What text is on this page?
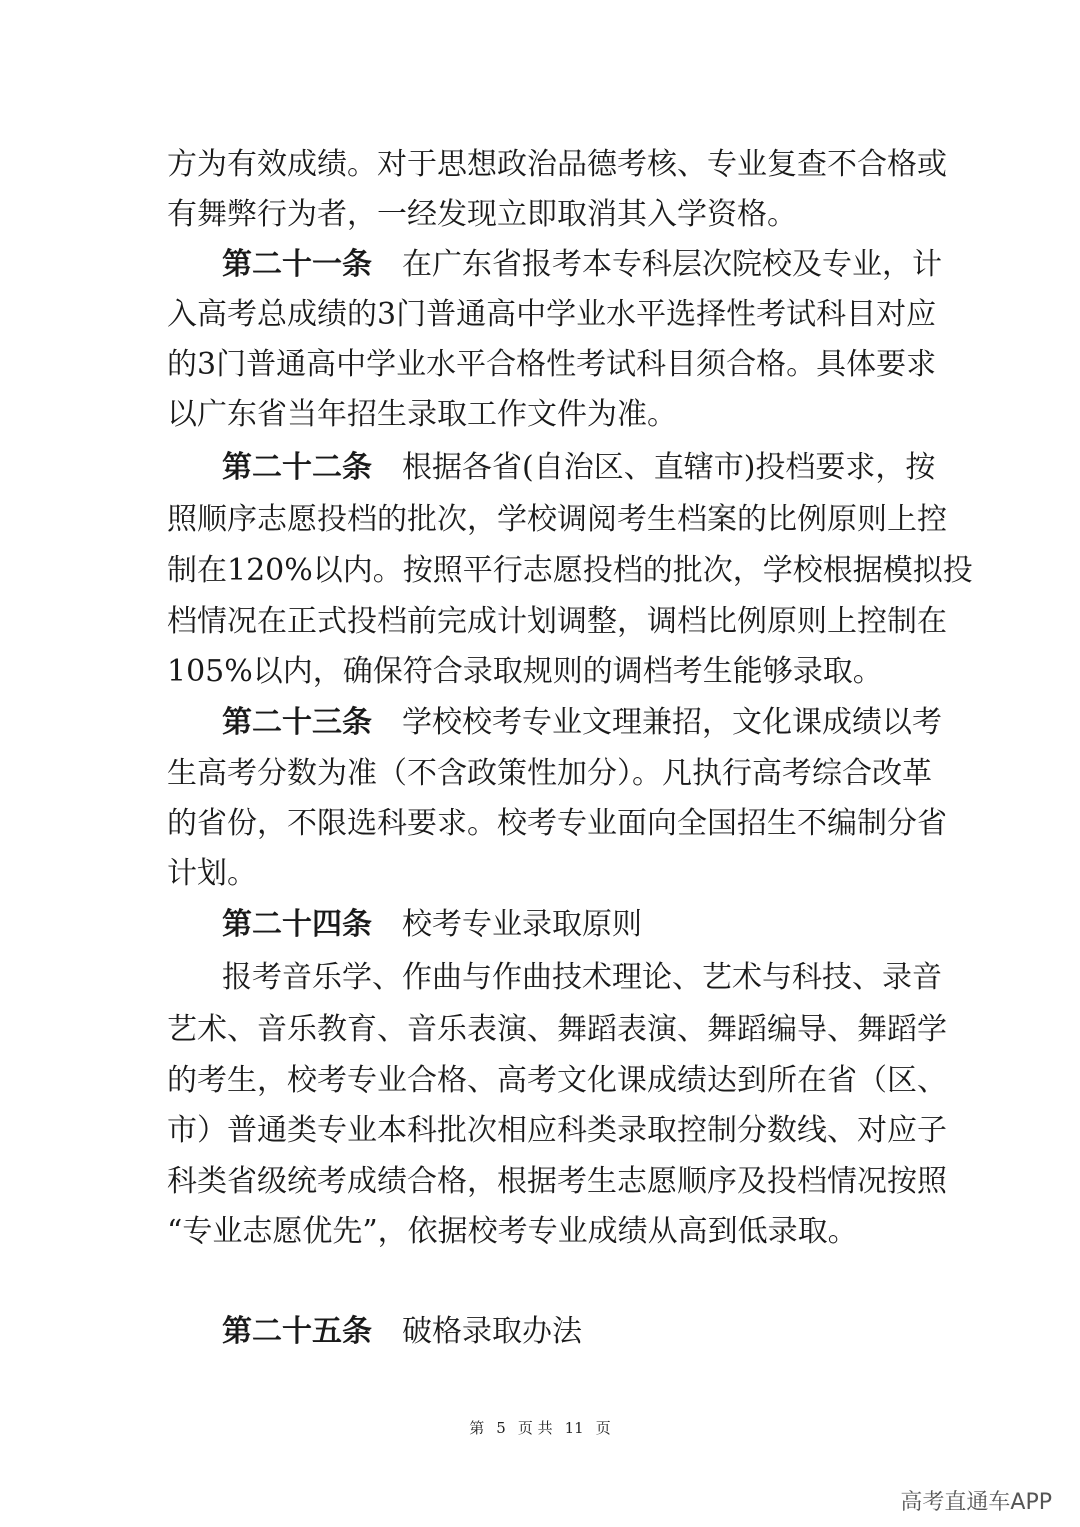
方为有效成绩。对于思想政治品德考核、专业复查不合格或
有舞弊行为者，一经发现立即取消其入学资格。
第二十一条 在广东省报考本专科层次院校及专业，计
入高考总成绩的3门普通高中学业水平选择性考试科目对应
的3门普通高中学业水平合格性考试科目须合格。具体要求
以广东省当年招生录取工作文件为准。
第二十二条 根据各省(自治区、直辖市)投档要求，按
照顺序志愿投档的批次，学校调阅考生档案的比例原则上控
制在120%以内。按照平行志愿投档的批次，学校根据模拟投
档情况在正式投档前完成计划调整，调档比例原则上控制在
105%以内，确保符合录取规则的调档考生能够录取。
第二十三条 学校校考专业文理兼招，文化课成绩以考
生高考分数为准（不含政策性加分）。凡执行高考综合改革
的省份，不限选科要求。校考专业面向全国招生不编制分省
计划。
第二十四条 校考专业录取原则
报考音乐学、作曲与作曲技术理论、艺术与科技、录音
艺术、音乐教育、音乐表演、舞蹈表演、舞蹈编导、舞蹈学
的考生，校考专业合格、高考文化课成绩达到所在省（区、
市）普通类专业本科批次相应科类录取控制分数线、对应子
科类省级统考成绩合格，根据考生志愿顺序及投档情况按照
“专业志愿优先”，依据校考专业成绩从高到低录取。
第二十五条 破格录取办法
第 5 页 共 11 页
高考直通车APP
